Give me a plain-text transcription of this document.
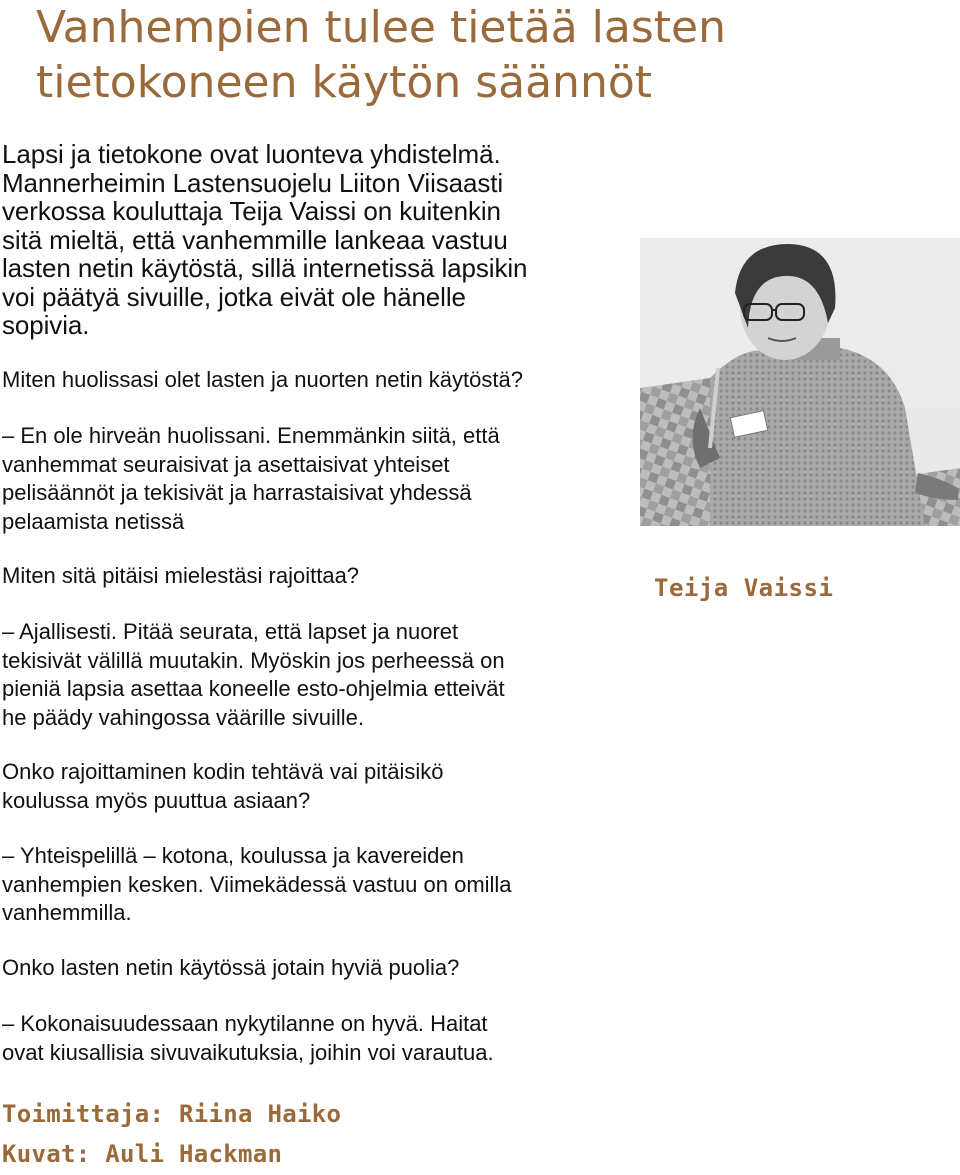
Vanhempien tulee tietää lasten
tietokoneen käytön säännöt

Lapsi ja tietokone ovat luonteva yhdistelmä.
Mannerheimin Lastensuojelu Liiton Viisaasti
verkossa kouluttaja Teija Vaissi on kuitenkin
sitä mieltä, että vanhemmille lankeaa vastuu
lasten netin käytöstä, sillä internetissä lapsikin
voi päätyä sivuille, jotka eivät ole hänelle
sopivia.

Miten huolissasi olet lasten ja nuorten netin käytöstä?

– En ole hirveän huolissani. Enemmänkin siitä, että
vanhemmat seuraisivat ja asettaisivat yhteiset
pelisäännöt ja tekisivät ja harrastaisivat yhdessä
pelaamista netissä

Miten sitä pitäisi mielestäsi rajoittaa?

– Ajallisesti. Pitää seurata, että lapset ja nuoret
tekisivät välillä muutakin. Myöskin jos perheessä on
pieniä lapsia asettaa koneelle esto-ohjelmia etteivät
he päädy vahingossa väärille sivuille.

Onko rajoittaminen kodin tehtävä vai pitäisikö
koulussa myös puuttua asiaan?

– Yhteispelillä – kotona, koulussa ja kavereiden
vanhempien kesken. Viimekädessä vastuu on omilla
vanhemmilla.

Onko lasten netin käytössä jotain hyviä puolia?

– Kokonaisuudessaan nykytilanne on hyvä. Haitat
ovat kiusallisia sivuvaikutuksia, joihin voi varautua.

Teija Vaissi

Toimittaja: Riina Haiko

Kuvat: Auli Hackman
